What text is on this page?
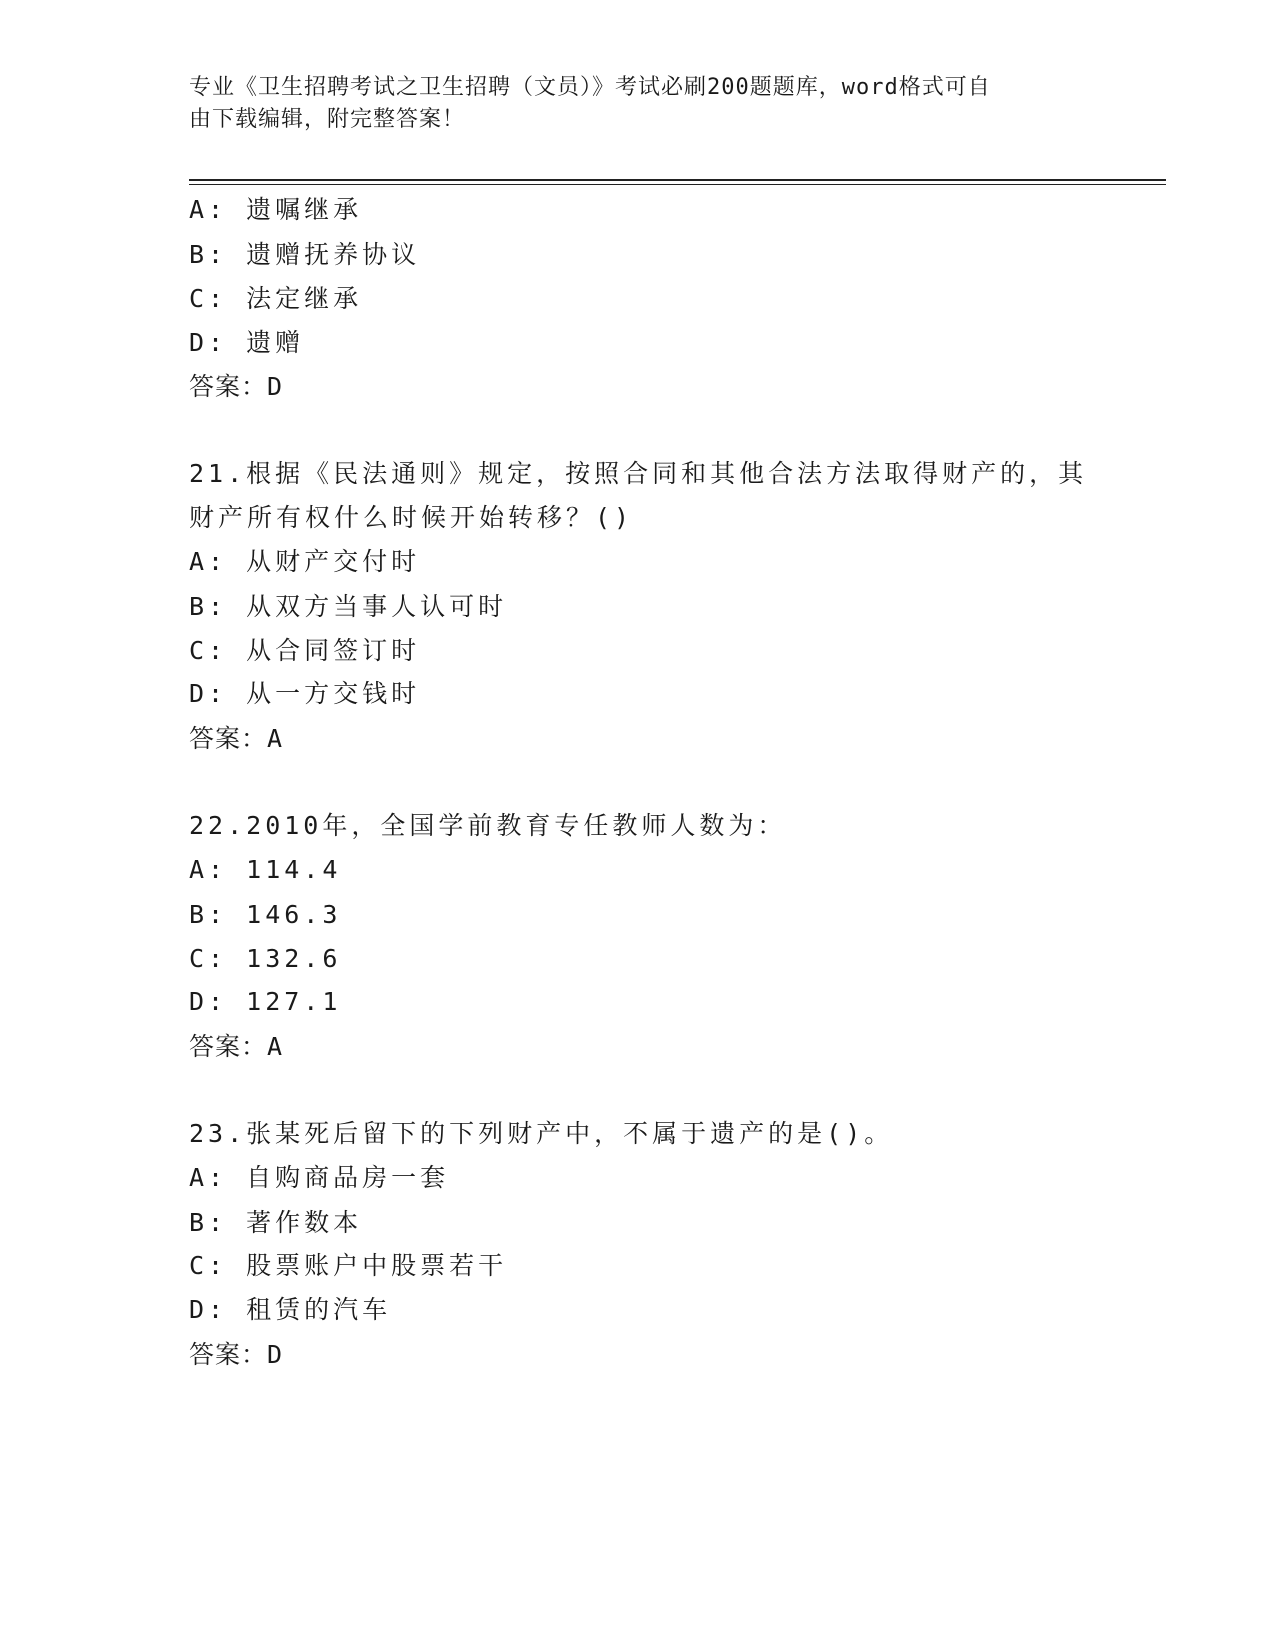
专业《卫生招聘考试之卫生招聘（文员）》考试必刷200题题库，word格式可自
由下载编辑，附完整答案！
A: 遗嘱继承
B: 遗赠抚养协议
C: 法定继承
D: 遗赠
答案：D
21.根据《民法通则》规定，按照合同和其他合法方法取得财产的，其
财产所有权什么时候开始转移？()
A: 从财产交付时
B: 从双方当事人认可时
C: 从合同签订时
D: 从一方交钱时
答案：A
22.2010年，全国学前教育专任教师人数为：
A: 114.4
B: 146.3
C: 132.6
D: 127.1
答案：A
23.张某死后留下的下列财产中，不属于遗产的是()。
A: 自购商品房一套
B: 著作数本
C: 股票账户中股票若干
D: 租赁的汽车
答案：D
